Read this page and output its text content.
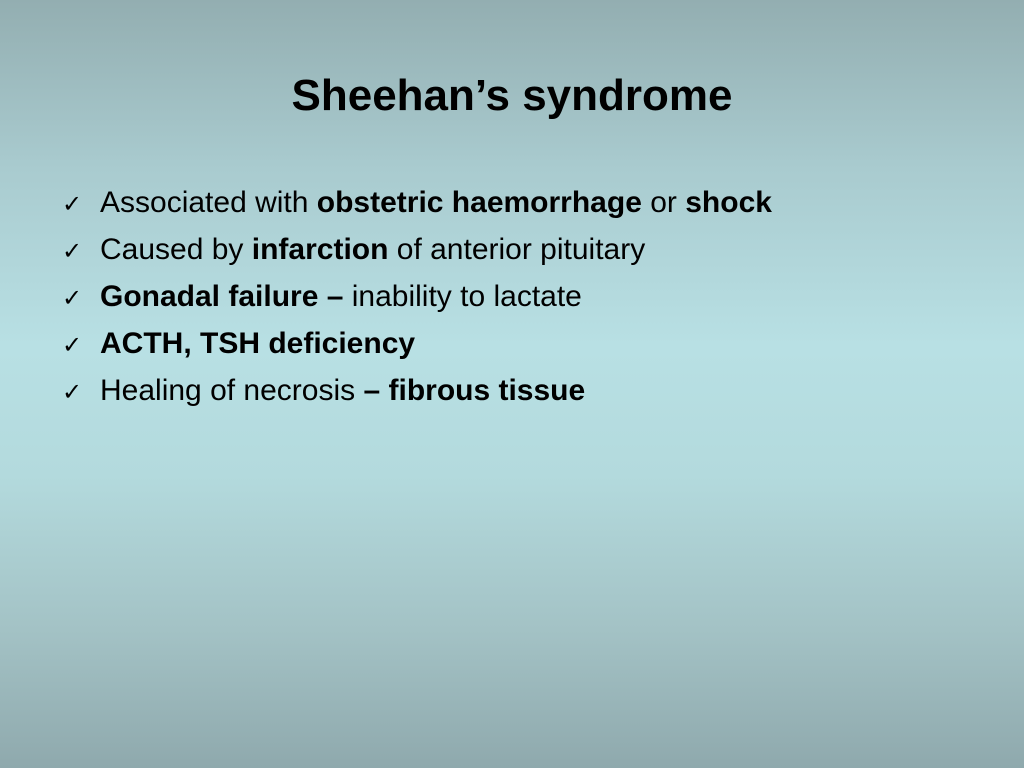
Sheehan’s syndrome
✓ Associated with obstetric haemorrhage or shock
✓ Caused by infarction of anterior pituitary
✓ Gonadal failure – inability to lactate
✓ ACTH, TSH deficiency
✓ Healing of necrosis – fibrous tissue
